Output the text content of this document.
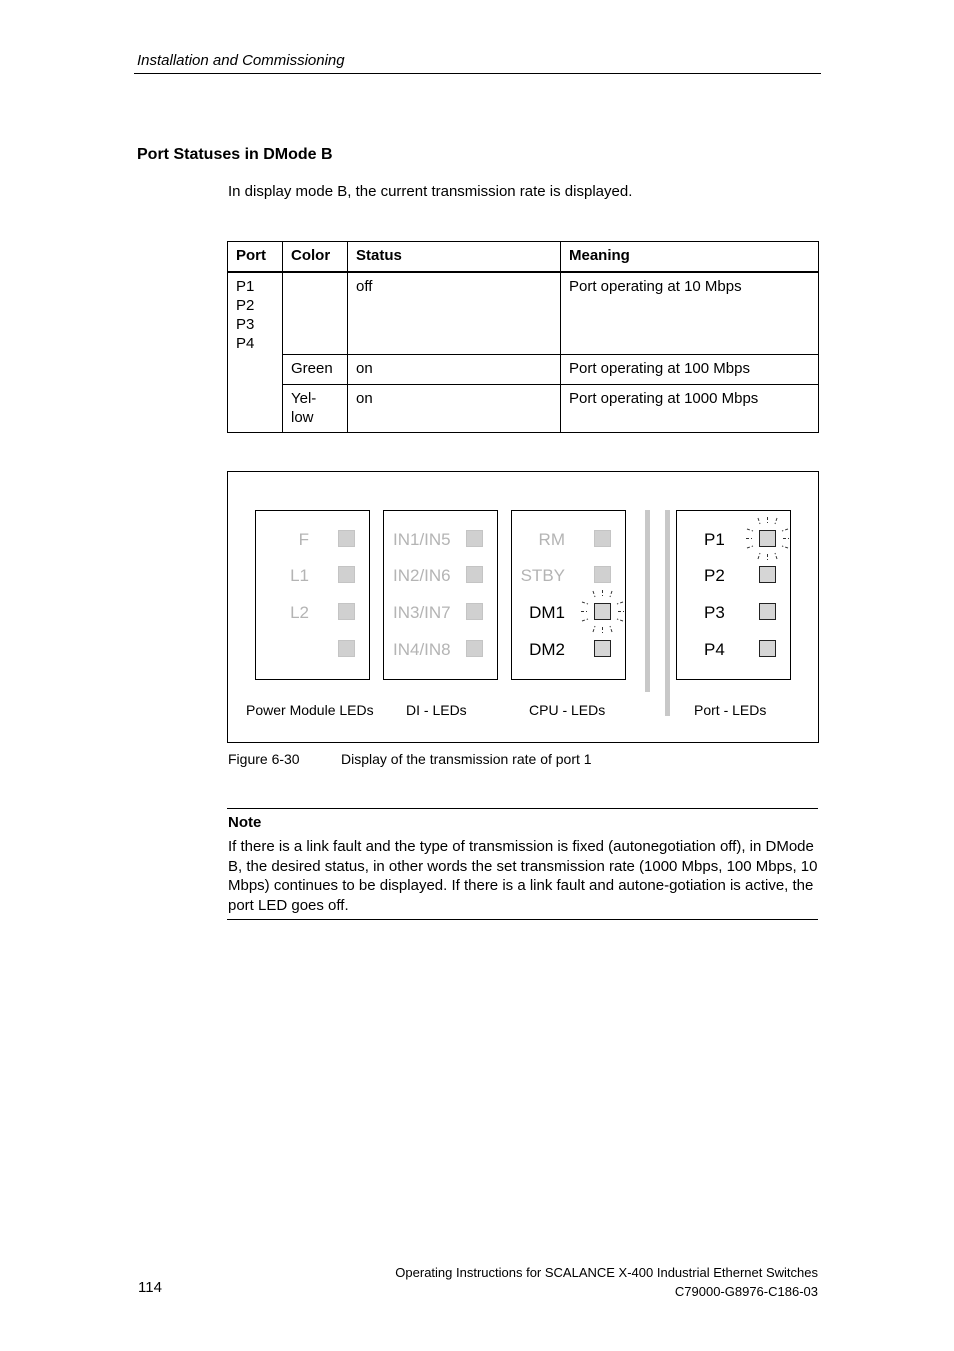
Installation and Commissioning
Port Statuses in DMode B
In display mode B, the current transmission rate is displayed.
Port	Color	Status	Meaning

P1
P2
P3
P4		off	Port operating at 10 Mbps
	Green	on	Port operating at 100 Mbps
	Yel-
low	on	Port operating at 1000 Mbps
F
L1
L2
IN1/IN5
IN2/IN6
IN3/IN7
IN4/IN8
RM
STBY
DM1
DM2
P1
P2
P3
P4
Power Module LEDs DI - LEDs	CPU - LEDs	Port - LEDs
Figure 6-30	Display of the transmission rate of port 1
Note
If there is a link fault and the type of transmission is fixed (autonegotiation off), in DMode B, the desired status, in other words the set transmission rate (1000 Mbps, 100 Mbps, 10 Mbps) continues to be displayed. If there is a link fault and autone-gotiation is active, the port LED goes off.
114
Operating Instructions for SCALANCE X-400 Industrial Ethernet Switches
C79000-G8976-C186-03
